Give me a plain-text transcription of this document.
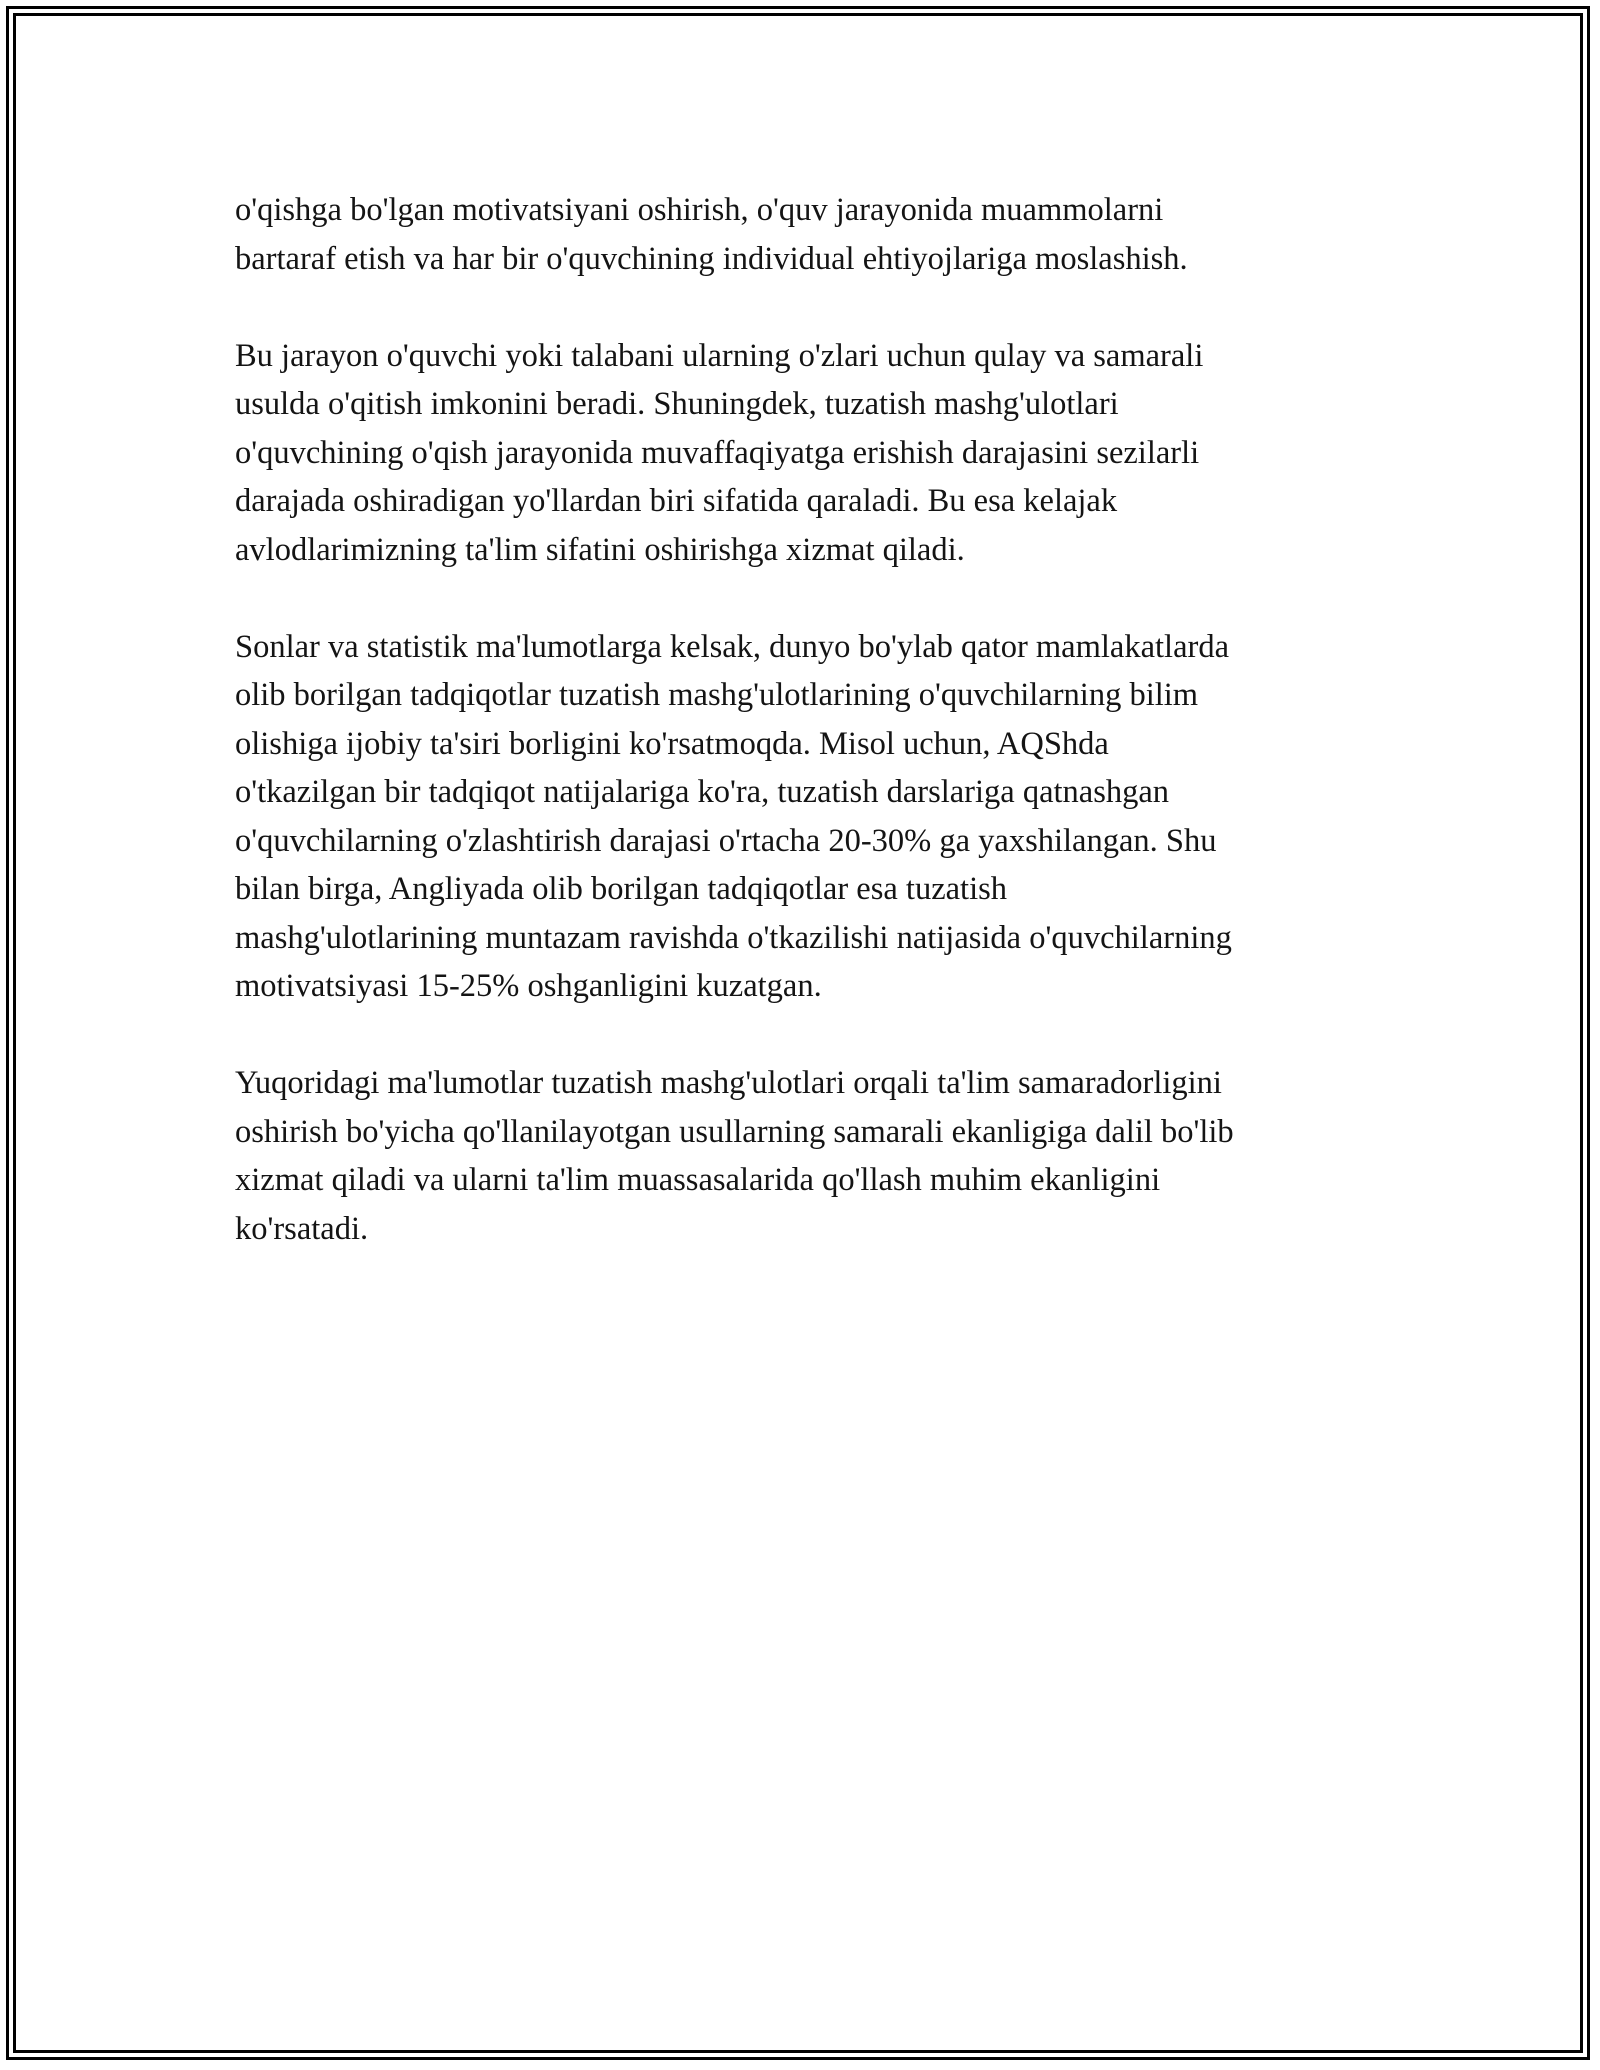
o'qishga bo'lgan motivatsiyani oshirish, o'quv jarayonida muammolarni
bartaraf etish va har bir o'quvchining individual ehtiyojlariga moslashish.

Bu jarayon o'quvchi yoki talabani ularning o'zlari uchun qulay va samarali
usulda o'qitish imkonini beradi. Shuningdek, tuzatish mashg'ulotlari
o'quvchining o'qish jarayonida muvaffaqiyatga erishish darajasini sezilarli
darajada oshiradigan yo'llardan biri sifatida qaraladi. Bu esa kelajak
avlodlarimizning ta'lim sifatini oshirishga xizmat qiladi.

Sonlar va statistik ma'lumotlarga kelsak, dunyo bo'ylab qator mamlakatlarda
olib borilgan tadqiqotlar tuzatish mashg'ulotlarining o'quvchilarning bilim
olishiga ijobiy ta'siri borligini ko'rsatmoqda. Misol uchun, AQShda
o'tkazilgan bir tadqiqot natijalariga ko'ra, tuzatish darslariga qatnashgan
o'quvchilarning o'zlashtirish darajasi o'rtacha 20-30% ga yaxshilangan. Shu
bilan birga, Angliyada olib borilgan tadqiqotlar esa tuzatish
mashg'ulotlarining muntazam ravishda o'tkazilishi natijasida o'quvchilarning
motivatsiyasi 15-25% oshganligini kuzatgan.

Yuqoridagi ma'lumotlar tuzatish mashg'ulotlari orqali ta'lim samaradorligini
oshirish bo'yicha qo'llanilayotgan usullarning samarali ekanligiga dalil bo'lib
xizmat qiladi va ularni ta'lim muassasalarida qo'llash muhim ekanligini
ko'rsatadi.
